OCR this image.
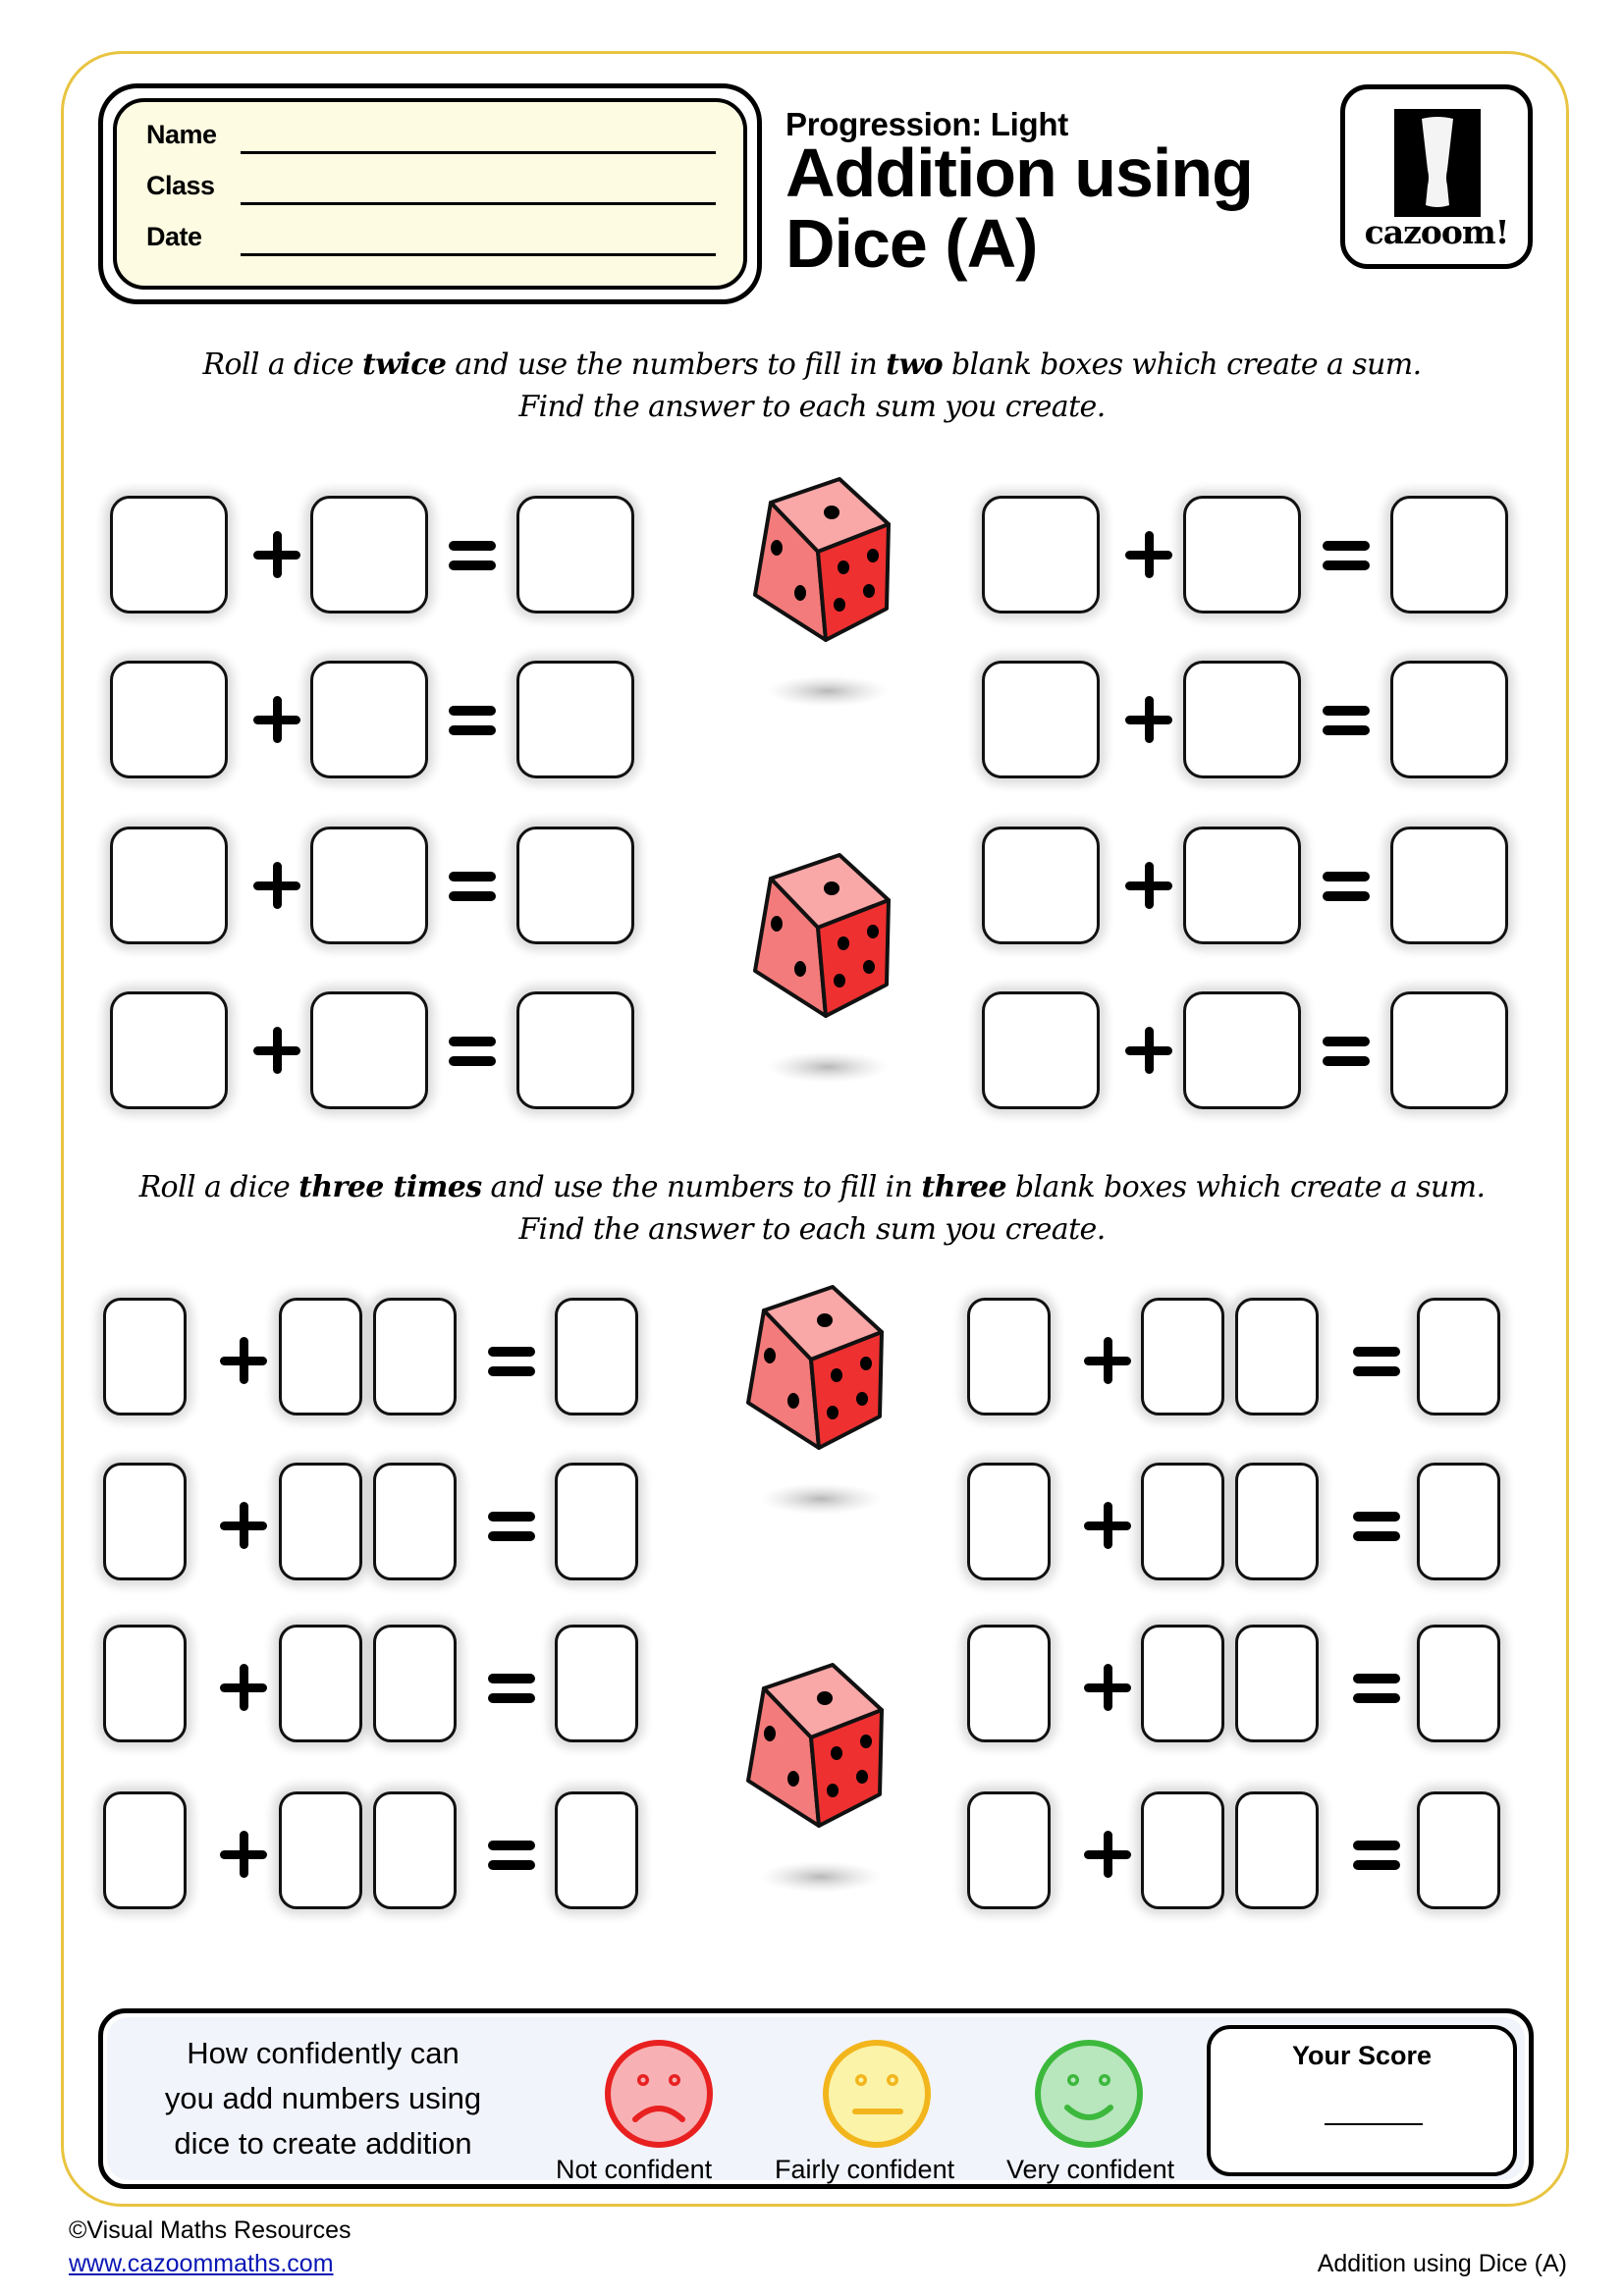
Name
Class
Date
Progression: Light
Addition using
Dice (A)	cazoom!
Roll a dice twice and use the numbers to fill in two blank boxes which create a sum.
Find the answer to each sum you create.
Roll a dice three times and use the numbers to fill in three blank boxes which create a sum.
Find the answer to each sum you create.
How confidently can
you add numbers using
dice to create addition
Not confident Fairly confident Very confident
Your Score
©Visual Maths Resources
www.cazoommaths.com	Addition using Dice (A)
